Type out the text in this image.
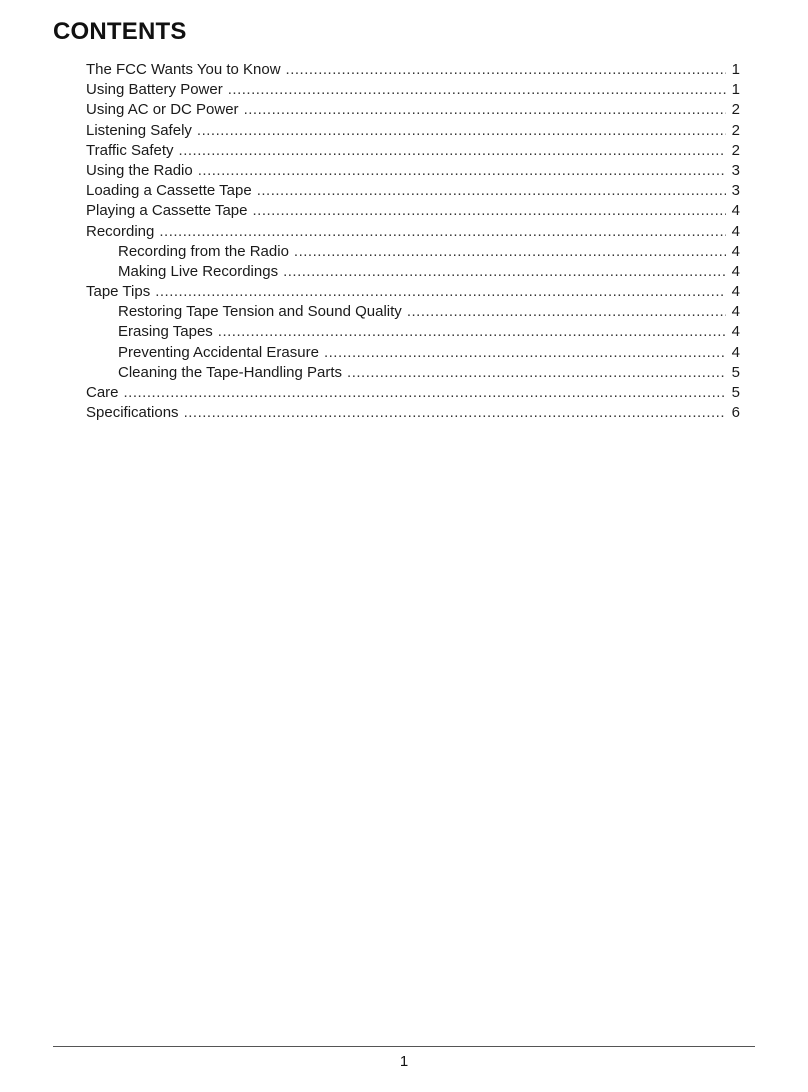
CONTENTS
The FCC Wants You to Know .....	1
Using Battery Power .....	1
Using AC or DC Power .....	2
Listening Safely .....	2
Traffic Safety .....	2
Using the Radio .....	3
Loading a Cassette Tape .....	3
Playing a Cassette Tape .....	4
Recording .....	4
Recording from the Radio .....	4
Making Live Recordings .....	4
Tape Tips .....	4
Restoring Tape Tension and Sound Quality .....	4
Erasing Tapes .....	4
Preventing Accidental Erasure .....	4
Cleaning the Tape-Handling Parts .....	5
Care .....	5
Specifications .....	6
1
